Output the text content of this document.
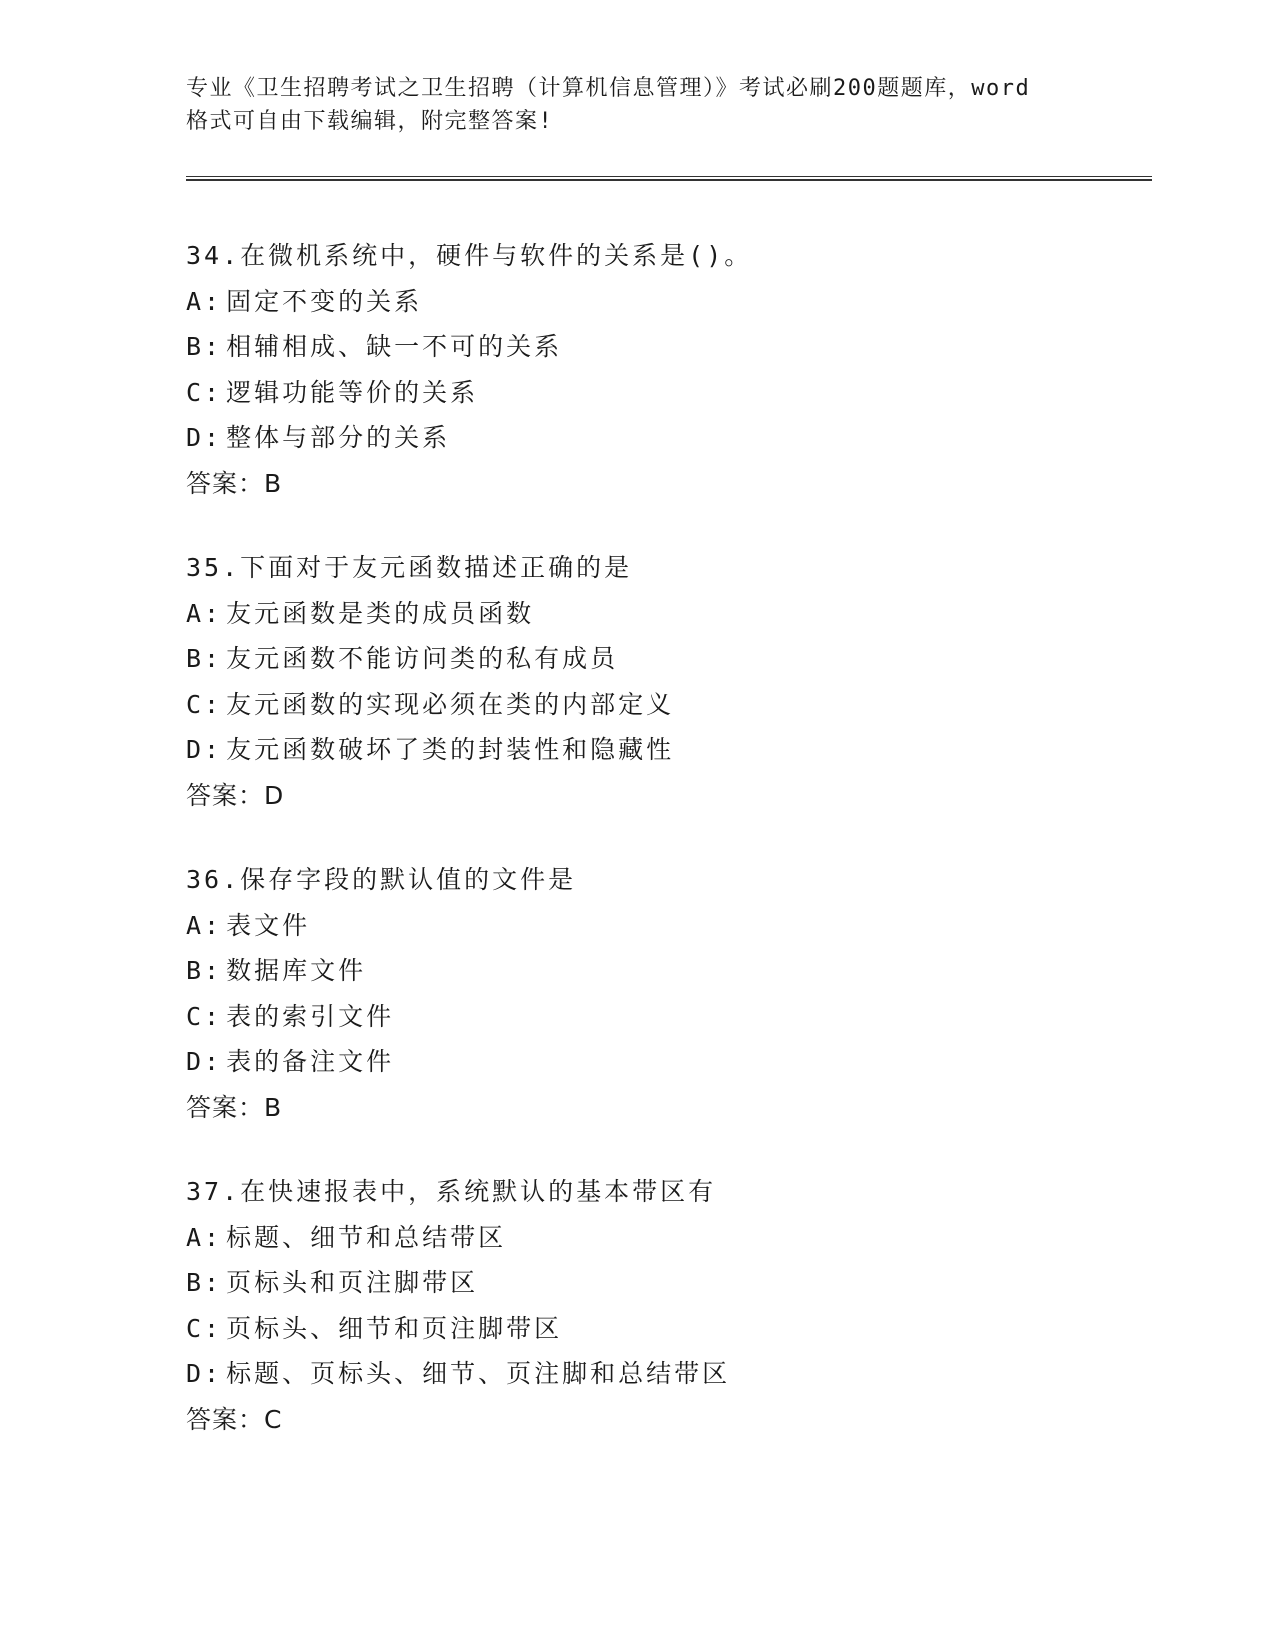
专业《卫生招聘考试之卫生招聘（计算机信息管理）》考试必刷200题题库，word
格式可自由下载编辑，附完整答案!
34.在微机系统中，硬件与软件的关系是()。
A: 固定不变的关系
B: 相辅相成、缺一不可的关系
C: 逻辑功能等价的关系
D: 整体与部分的关系
答案：B
35.下面对于友元函数描述正确的是
A: 友元函数是类的成员函数
B: 友元函数不能访问类的私有成员
C: 友元函数的实现必须在类的内部定义
D: 友元函数破坏了类的封装性和隐藏性
答案：D
36.保存字段的默认值的文件是
A: 表文件
B: 数据库文件
C: 表的索引文件
D: 表的备注文件
答案：B
37.在快速报表中，系统默认的基本带区有
A: 标题、细节和总结带区
B: 页标头和页注脚带区
C: 页标头、细节和页注脚带区
D: 标题、页标头、细节、页注脚和总结带区
答案：C
